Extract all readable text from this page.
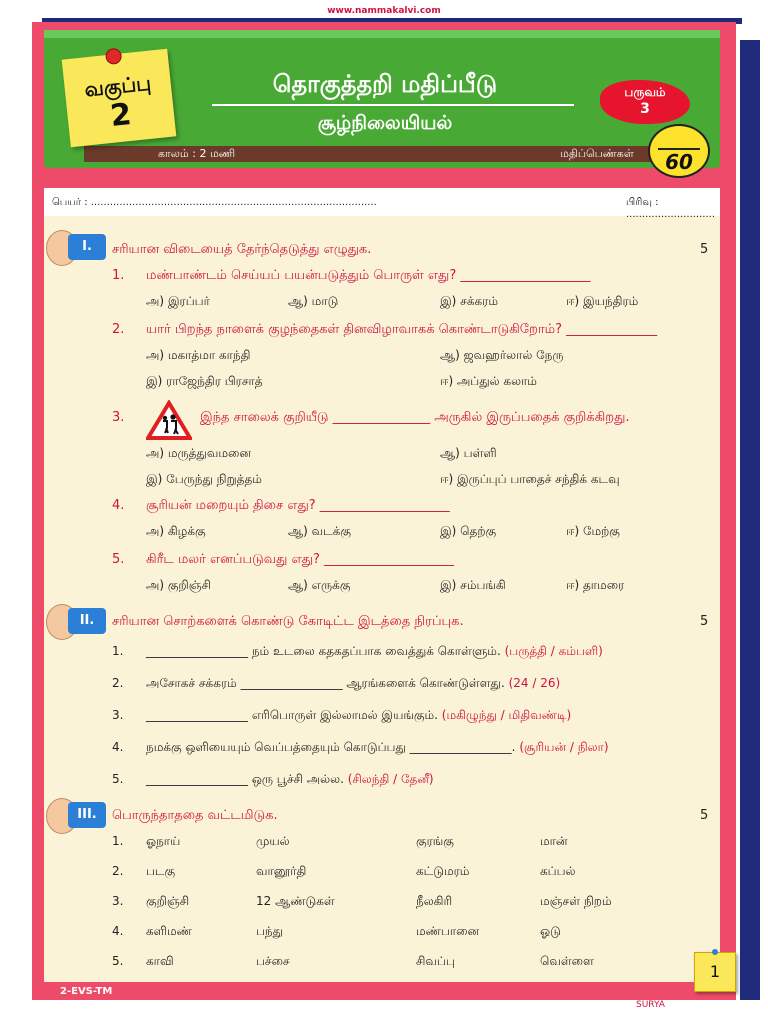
www.nammakalvi.com
தொகுத்தறி மதிப்பீடு
சூழ்நிலையியல்
காலம் : 2 மணி	மதிப்பெண்கள்	60
வகுப்பு
2
பருவம்
3
பெயர் : ..........................................................................................	பிரிவு : ............................
I.	சரியான விடையைத் தேர்ந்தெடுத்து எழுதுக.	5
1. மண்பாண்டம் செய்யப் பயன்படுத்தும் பொருள் எது? ____________________
அ) இரப்பர்	ஆ) மாடு	இ) சக்கரம்	ஈ) இயந்திரம்
2. யார் பிறந்த நாளைக் குழந்தைகள் தினவிழாவாகக் கொண்டாடுகிறோம்? ______________
அ) மகாத்மா காந்தி	ஆ) ஜவஹர்லால் நேரு
இ) ராஜேந்திர பிரசாத்	ஈ) அப்துல் கலாம்
3.	இந்த சாலைக் குறியீடு _______________ அருகில் இருப்பதைக் குறிக்கிறது.
அ) மருத்துவமனை	ஆ) பள்ளி
இ) பேருந்து நிறுத்தம்	ஈ) இருப்புப் பாதைச் சந்திக் கடவு
4. சூரியன் மறையும் திசை எது? ____________________
அ) கிழக்கு	ஆ) வடக்கு	இ) தெற்கு	ஈ) மேற்கு
5. கிரீட மலர் எனப்படுவது எது? ____________________
அ) குறிஞ்சி	ஆ) எருக்கு	இ) சம்பங்கி	ஈ) தாமரை
II.	சரியான சொற்களைக் கொண்டு கோடிட்ட இடத்தை நிரப்புக.	5
1. _________________ நம் உடலை கதகதப்பாக வைத்துக் கொள்ளும். (பருத்தி / கம்பளி)
2. அசோகச் சக்கரம் _________________ ஆரங்களைக் கொண்டுள்ளது. (24 / 26)
3. _________________ எரிபொருள் இல்லாமல் இயங்கும். (மகிழுந்து / மிதிவண்டி)
4. நமக்கு ஒளியையும் வெப்பத்தையும் கொடுப்பது _________________. (சூரியன் / நிலா)
5. _________________ ஒரு பூச்சி அல்ல. (சிலந்தி / தேனீ)
III.	பொருந்தாததை வட்டமிடுக.	5
1. ஓநாய்	முயல்	குரங்கு	மான்
2. படகு	வானூர்தி	கட்டுமரம்	கப்பல்
3. குறிஞ்சி	12 ஆண்டுகள்	நீலகிரி	மஞ்சள் நிறம்
4. களிமண்	பந்து	மண்பானை	ஓடு
5. காவி	பச்சை	சிவப்பு	வெள்ளை
1
2-EVS-TM
SURYA
